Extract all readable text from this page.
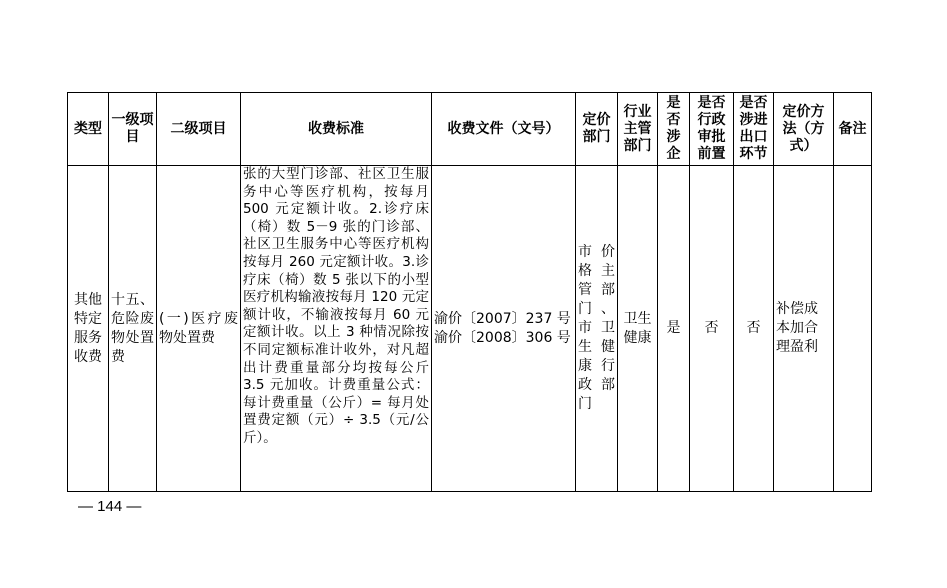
类型	一级项目	二级项目	收费标准	收费文件（文号）	定价部门	行业主管部门	是否涉企	是否行政审批前置	是否涉进出口环节	定价方法（方式）	备注
其他特定服务收费	十五、危险废物处置费	(一)医疗废物处置费	张的大型门诊部、社区卫生服务中心等医疗机构，按每月 500 元定额计收。2.诊疗床（椅）数 5－9 张的门诊部、社区卫生服务中心等医疗机构按每月 260 元定额计收。3.诊疗床（椅）数 5 张以下的小型医疗机构输液按每月 120 元定额计收，不输液按每月 60 元定额计收。以上 3 种情况除按不同定额标准计收外，对凡超出计费重量部分均按每公斤 3.5 元加收。计费重量公式：每计费重量（公斤）= 每月处置费定额（元）÷ 3.5（元/公斤）。	渝价〔2007〕237 号
渝价〔2008〕306 号	市价格主管部门、市卫生健康行政部门	卫生健康	是	否	否	补偿成本加合理盈利	
— 144 —
